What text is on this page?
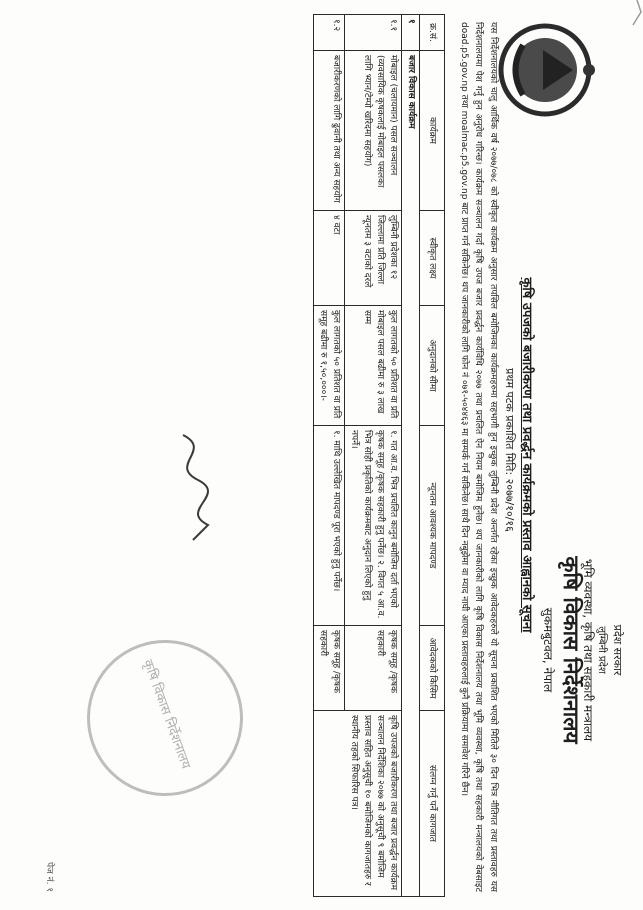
प्रदेश सरकार
लुम्बिनी प्रदेश
भूमि व्यवस्था, कृषि तथा सहकारी मन्त्रालय
कृषि विकास निर्देशनालय
सुकमबुटवल, नेपाल
कृषि उपजको बजारीकरण तथा प्रवर्द्धन कार्यक्रमको प्रस्ताव आह्वानको सूचना
प्रथम पटक प्रकाशित मिति: २०७७/१०/१६
यस निर्देशनालयको चालु आर्थिक वर्ष २०७७/०७८ को स्वीकृत कार्यक्रम अनुसार तपसिल बमोजिमका कार्यक्रमहरुमा सहभागी हुन इच्छुक लुम्बिनी प्रदेश अन्तर्गत रहेका इच्छुक आवेदकहरुले यो सूचना प्रकाशित भएको मितिले ३० दिन भित्र नीतिगत तथा प्रस्तावहरु यस निर्देशनालयमा पेश गर्नु हुन अनुरोध गरिन्छ। कार्यक्रम सञ्चालन गर्दा कृषि उपज बजार प्रवर्द्धन कार्यविधि २०७७ तथा प्रचलित ऐन नियम बमोजिम हुनेछ। थप जानकारीको लागि कृषि विकास निर्देशनालय तथा भूमि व्यवस्था, कृषि तथा सहकारी मन्त्रालयको वेबसाइट doad.p5.gov.np तथा moalmac.p5.gov.np बाट प्राप्त गर्न सकिनेछ। थप जानकारीको लागि फोन नं ०७१-५०४४६३ मा सम्पर्क गर्न सकिनेछ। साथै दिन नबुझेमा वा म्याद नाघी आएका प्रस्तावहरुलाई कुनै प्रक्रियामा समावेश गरिने छैन।
क्र.सं.	कार्यक्रम	स्वीकृत लक्ष्य	अनुदानको सीमा	न्यूनतम आवश्यक मापदण्ड	आवेदकको किसिम	संलग्न गर्नु पर्ने कागजात
१	बजार विकास कार्यक्रम					
१.१	मोबाइल (चलायमान) पसल सञ्चालन (व्यवसायिक कृषकलाई मोबाइल पसलका लागि भ्यान/टेम्पो खरिदमा सहयोग)	लुम्बिनी प्रदेशका १२ जिल्लामा प्रति जिल्ला न्यूनतम ३ वटाको दरले	कुल लागतको ५० प्रतिशत वा प्रति मोबाइल पसल बढीमा रु ३ लाख सम्म	१. गत आ.व. भित्र प्रचलित कानुन बमोजिम दर्ता भएको कृषक समूह /कृषक सहकारी हुनु पर्नेछ। २. विगत ५ आ.व. भित्र सोही प्रकृतिको कार्यक्रमबाट अनुदान लिएको हुनु नपर्ने।	कृषक समूह /कृषक सहकारी	कृषि उपजको बजारीकरण तथा बजार प्रवर्द्धन कार्यक्रम सञ्चालन निर्देशिका २०७७ को अनुसूची ९ बमोजिम प्रस्ताव सहित अनुसूची १० बमोजिमको कागजातहरु र स्थानीय तहको सिफारिस पत्र।
१.२	बजारीकरणको लागि ढुवानी तथा अन्य सहयोग	४ वटा	कुल लागतको ५० प्रतिशत वा प्रति समूह बढीमा रु १,५०,०००।-	१. माथि उल्लेखित मापदण्ड पूरा भएको हुनु पर्नेछ।	कृषक समूह /कृषक सहकारी	
कृषि विकास निर्देशनालय
पेज नं. १
